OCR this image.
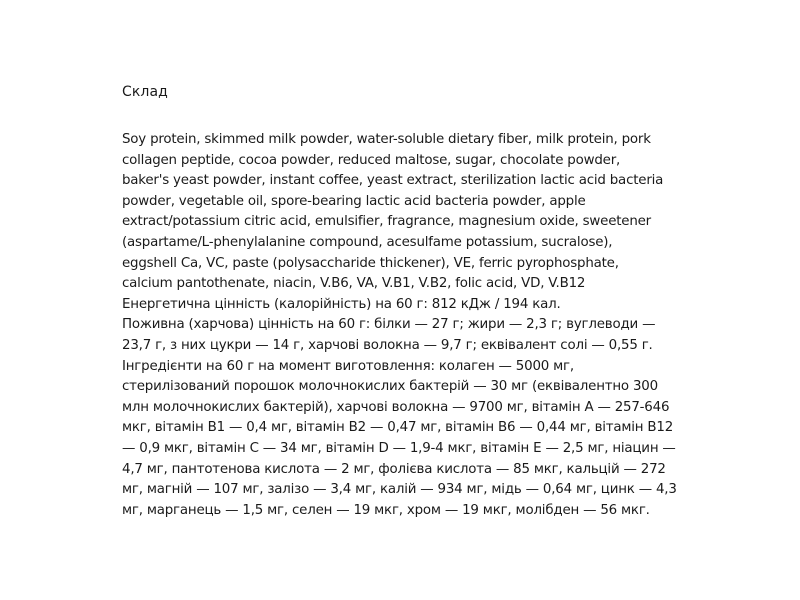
Склад
Soy protein, skimmed milk powder, water-soluble dietary fiber, milk protein, pork
collagen peptide, cocoa powder, reduced maltose, sugar, chocolate powder,
baker's yeast powder, instant coffee, yeast extract, sterilization lactic acid bacteria
powder, vegetable oil, spore-bearing lactic acid bacteria powder, apple
extract/potassium citric acid, emulsifier, fragrance, magnesium oxide, sweetener
(aspartame/L-phenylalanine compound, acesulfame potassium, sucralose),
eggshell Ca, VC, paste (polysaccharide thickener), VE, ferric pyrophosphate,
calcium pantothenate, niacin, V.B6, VA, V.B1, V.B2, folic acid, VD, V.B12
Енергетична цінність (калорійність) на 60 г: 812 кДж / 194 кал.
Поживна (харчова) цінність на 60 г: білки — 27 г; жири — 2,3 г; вуглеводи —
23,7 г, з них цукри — 14 г, харчові волокна — 9,7 г; еквівалент солі — 0,55 г.
Інгредієнти на 60 г на момент виготовлення: колаген — 5000 мг,
стерилізований порошок молочнокислих бактерій — 30 мг (еквівалентно 300
млн молочнокислих бактерій), харчові волокна — 9700 мг, вітамін А — 257-646
мкг, вітамін В1 — 0,4 мг, вітамін В2 — 0,47 мг, вітамін В6 — 0,44 мг, вітамін В12
— 0,9 мкг, вітамін С — 34 мг, вітамін D — 1,9-4 мкг, вітамін Е — 2,5 мг, ніацин —
4,7 мг, пантотенова кислота — 2 мг, фолієва кислота — 85 мкг, кальцій — 272
мг, магній — 107 мг, залізо — 3,4 мг, калій — 934 мг, мідь — 0,64 мг, цинк — 4,3
мг, марганець — 1,5 мг, селен — 19 мкг, хром — 19 мкг, молібден — 56 мкг.
